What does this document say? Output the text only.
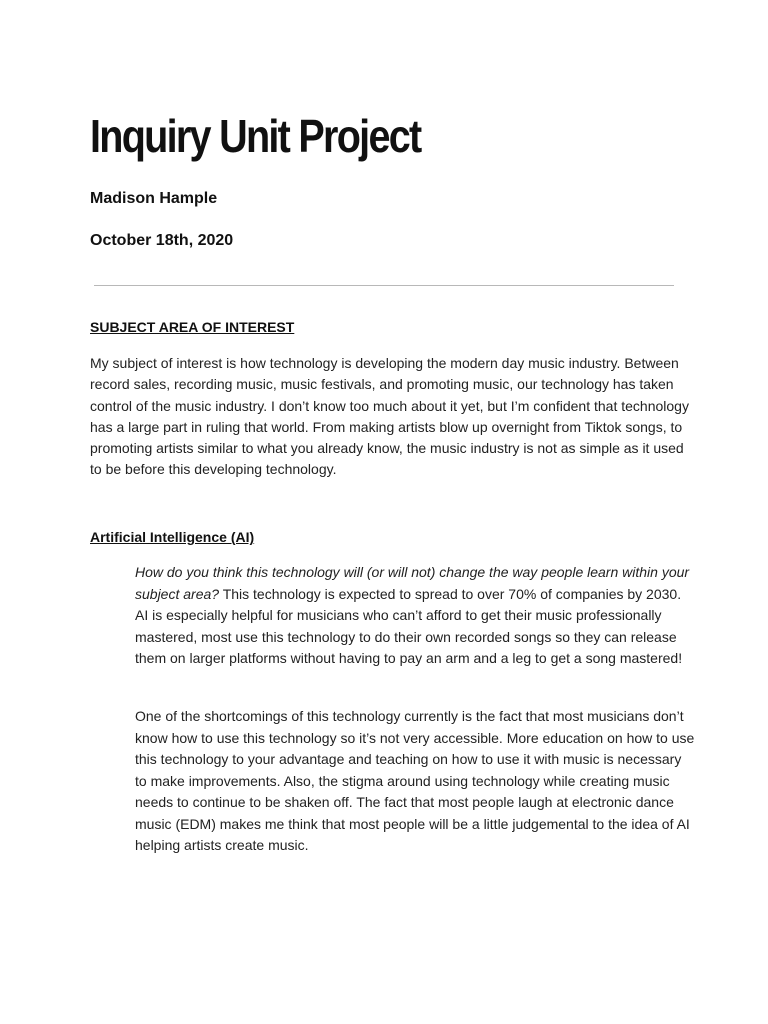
Inquiry Unit Project

Madison Hample

October 18th, 2020

SUBJECT AREA OF INTEREST

My subject of interest is how technology is developing the modern day music industry. Between record sales, recording music, music festivals, and promoting music, our technology has taken control of the music industry. I don’t know too much about it yet, but I’m confident that technology has a large part in ruling that world. From making artists blow up overnight from Tiktok songs, to promoting artists similar to what you already know, the music industry is not as simple as it used to be before this developing technology.

Artificial Intelligence (AI)

How do you think this technology will (or will not) change the way people learn within your subject area? This technology is expected to spread to over 70% of companies by 2030. AI is especially helpful for musicians who can’t afford to get their music professionally mastered, most use this technology to do their own recorded songs so they can release them on larger platforms without having to pay an arm and a leg to get a song mastered!

One of the shortcomings of this technology currently is the fact that most musicians don’t know how to use this technology so it’s not very accessible. More education on how to use this technology to your advantage and teaching on how to use it with music is necessary to make improvements. Also, the stigma around using technology while creating music needs to continue to be shaken off. The fact that most people laugh at electronic dance music (EDM) makes me think that most people will be a little judgemental to the idea of AI helping artists create music.
